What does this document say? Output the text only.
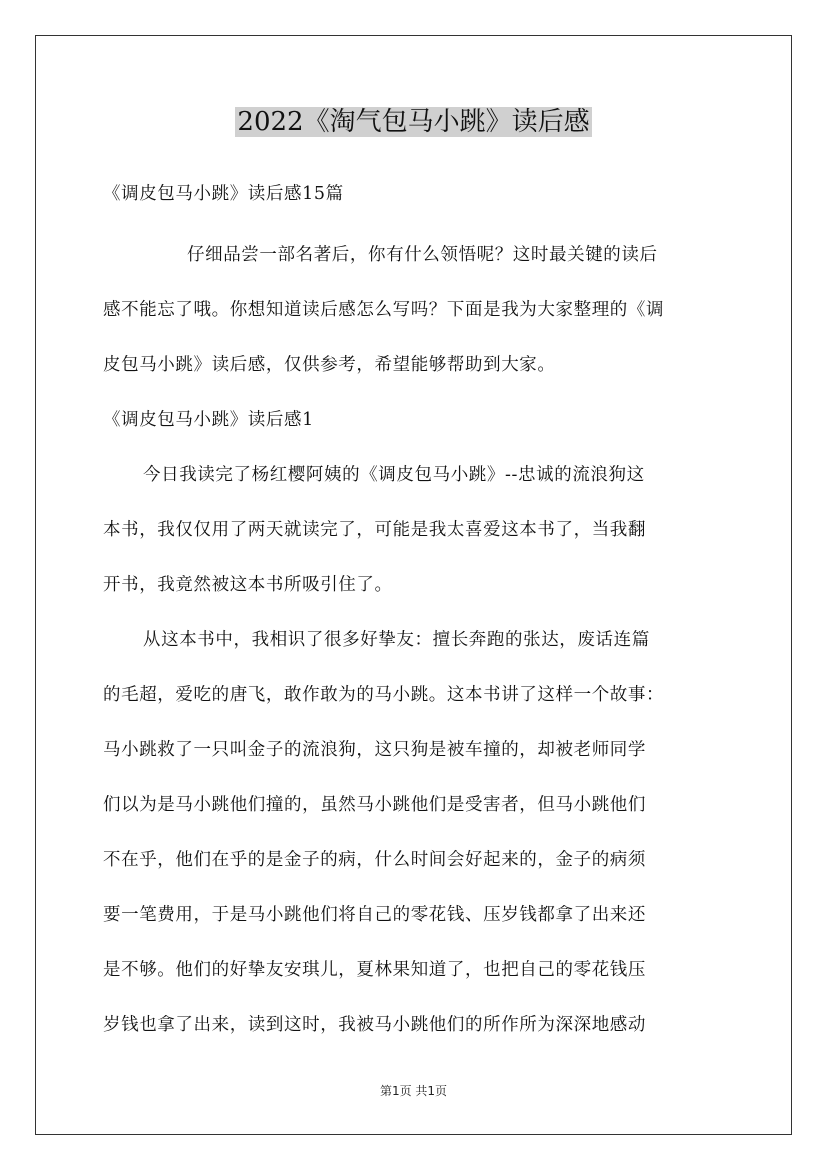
2022《淘气包马小跳》读后感
《调皮包马小跳》读后感15篇
仔细品尝一部名著后，你有什么领悟呢？这时最关键的读后
感不能忘了哦。你想知道读后感怎么写吗？下面是我为大家整理的《调
皮包马小跳》读后感，仅供参考，希望能够帮助到大家。
《调皮包马小跳》读后感1
今日我读完了杨红樱阿姨的《调皮包马小跳》--忠诚的流浪狗这
本书，我仅仅用了两天就读完了，可能是我太喜爱这本书了，当我翻
开书，我竟然被这本书所吸引住了。
从这本书中，我相识了很多好挚友：擅长奔跑的张达，废话连篇
的毛超，爱吃的唐飞，敢作敢为的马小跳。这本书讲了这样一个故事：
马小跳救了一只叫金子的流浪狗，这只狗是被车撞的，却被老师同学
们以为是马小跳他们撞的，虽然马小跳他们是受害者，但马小跳他们
不在乎，他们在乎的是金子的病，什么时间会好起来的，金子的病须
要一笔费用，于是马小跳他们将自己的零花钱、压岁钱都拿了出来还
是不够。他们的好挚友安琪儿，夏林果知道了，也把自己的零花钱压
岁钱也拿了出来，读到这时，我被马小跳他们的所作所为深深地感动
第1页 共1页
